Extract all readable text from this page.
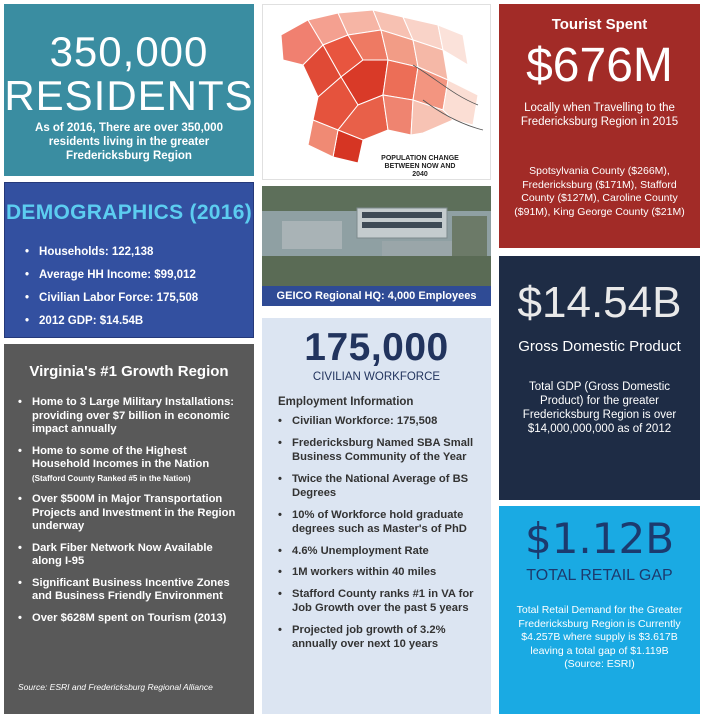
350,000
RESIDENTS
As of 2016, There are over 350,000 residents living in the greater Fredericksburg Region
DEMOGRAPHICS (2016)
• Households: 122,138
• Average HH Income: $99,012
• Civilian Labor Force: 175,508
• 2012 GDP: $14.54B
Virginia's #1 Growth Region
• Home to 3 Large Military Installations: providing over $7 billion in economic impact annually
• Home to some of the Highest Household Incomes in the Nation
(Stafford County Ranked #5 in the Nation)
• Over $500M in Major Transportation Projects and Investment in the Region underway
• Dark Fiber Network Now Available along I-95
• Significant Business Incentive Zones and Business Friendly Environment
• Over $628M spent on Tourism (2013)
Source: ESRI and Fredericksburg Regional Alliance
POPULATION CHANGE BETWEEN NOW AND 2040
GEICO Regional HQ: 4,000 Employees
175,000
CIVILIAN WORKFORCE
Employment Information
• Civilian Workforce: 175,508
• Fredericksburg Named SBA Small Business Community of the Year
• Twice the National Average of BS Degrees
• 10% of Workforce hold graduate degrees such as Master's of PhD
• 4.6% Unemployment Rate
• 1M workers within 40 miles
• Stafford County ranks #1 in VA for Job Growth over the past 5 years
• Projected job growth of 3.2% annually over next 10 years
Tourist Spent
$676M
Locally when Travelling to the Fredericksburg Region in 2015
Spotsylvania County ($266M), Fredericksburg ($171M), Stafford County ($127M), Caroline County ($91M), King George County ($21M)
$14.54B
Gross Domestic Product
Total GDP (Gross Domestic Product) for the greater Fredericksburg Region is over $14,000,000,000 as of 2012
$1.12B
TOTAL RETAIL GAP
Total Retail Demand for the Greater Fredericksburg Region is Currently $4.257B where supply is $3.617B leaving a total gap of $1.119B (Source: ESRI)
